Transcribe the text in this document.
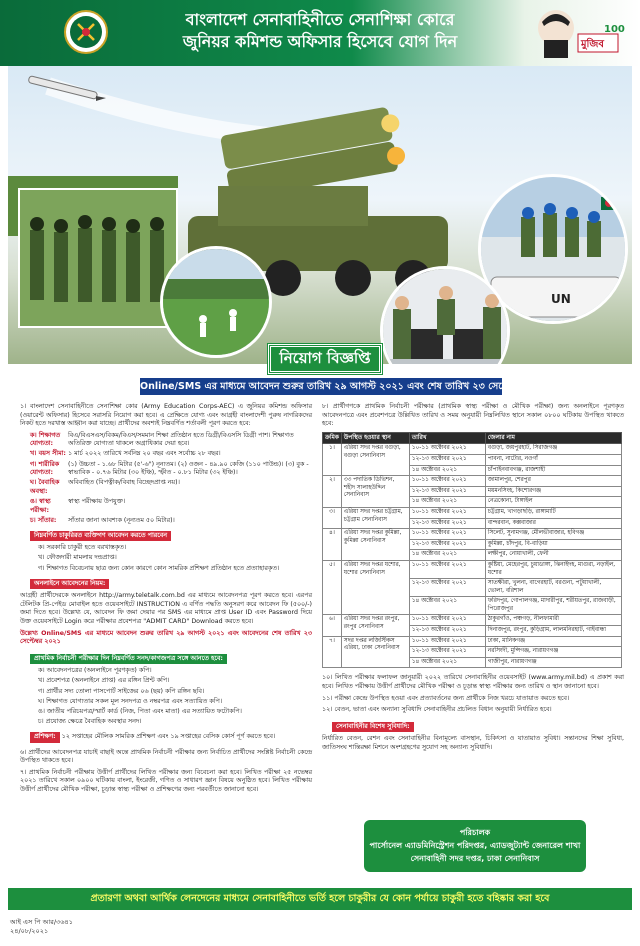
বাংলাদেশ সেনাবাহিনীতে সেনাশিক্ষা কোরে
জুনিয়র কমিশন্ড অফিসার হিসেবে যোগ দিন	মুজিব
100
UN
নিয়োগ বিজ্ঞপ্তি
Online/SMS এর মাধ্যমে আবেদন শুরুর তারিখ ২৯ আগস্ট ২০২১ এবং শেষ তারিখ ২৩ সেপ্টেম্বর ২০২১
১। বাংলাদেশ সেনাবাহিনীতে সেনাশিক্ষা কোর (Army Education Corps-AEC) এ জুনিয়র কমিশন্ড অফিসার (ওয়ারেন্ট অফিসার) হিসেবে সরাসরি নিয়োগ করা হবে। এ প্রেক্ষিতে যোগ্য এবং আগ্রহী বাংলাদেশী পুরুষ নাগরিকদের নিকট হতে দরখাস্ত আহ্বান করা যাচ্ছে। প্রার্থীদের অবশ্যই নিম্নবর্ণিত শর্তাবলী পূরণ করতে হবে:
ক। শিক্ষাগত যোগ্যতা:
বিএ/বিএসএস/বিকম/বিএস/সমমান শিক্ষা প্রতিষ্ঠান হতে ডিগ্রী/বিএসসি ডিগ্রী পাশ। শিক্ষাগত অতিরিক্ত যোগ্যতা থাকলে অগ্রাধিকার দেয়া হবে।
খ। বয়স সীমা: ১ মার্চ ২০২২ তারিখে সর্বনিম্ন ২০ বছর এবং সর্বোচ্চ ২৮ বছর।
গ। শারীরিক যোগ্যতা:
(১) উচ্চতা - ১.৬৮ মিটার (৫'-৬") নূন্যতম। (২) ওজন - ৪৯.৯০ কেজি (১১০ পাউন্ড)। (৩) বুক - স্বাভাবিক - ০.৭৬ মিটার (৩০ ইঞ্চি), স্ফীত - ০.৮১ মিটার (৩২ ইঞ্চি)।
ঘ। বৈবাহিক অবস্থা:
অবিবাহিত (বিপত্নীক/বিবাহ বিচ্ছেদপ্রাপ্ত নয়)।
ঙ। স্বাস্থ্য পরীক্ষা:
স্বাস্থ্য পরীক্ষায় উপযুক্ত।
চ। সাঁতার:	সাঁতার জানা আবশ্যক (নূন্যতম ৫০ মিটার)।
নিম্নবর্ণিত চাকুরিরত ব্যক্তিগণ আবেদন করতে পারবেন
ক। সরকারি চাকুরী হতে বরখাস্তকৃত।
খ। ফৌজদারী মামলায় দন্ডপ্রাপ্ত।
গ। শিক্ষাগত বিবেচনায় ছাত্র জন্য কোন কারণে কোন সামরিক প্রশিক্ষণ প্রতিষ্ঠান হতে প্রত্যাহারকৃত।
অনলাইনে আবেদনের নিয়ম:
আগ্রহী প্রার্থীদেরকে অনলাইনে http://army.teletalk.com.bd এর মাধ্যমে আবেদনপত্র পূরণ করতে হবে। এরপর টেলিটক প্রি-পেইড মোবাইল হতে ওয়েবসাইটে INSTRUCTION এ বর্ণিত পদ্ধতি অনুসরণ করে আবেদন ফি (৫০০/-) জমা দিতে হবে। উল্লেখ্য যে, আবেদন ফি জমা দেয়ার পর SMS এর মাধ্যমে প্রাপ্ত User ID এবং Password দিয়ে উক্ত ওয়েবসাইটে Login করে পরীক্ষার প্রবেশপত্র "ADMIT CARD" Download করতে হবে।
উল্লেখ্য Online/SMS এর মাধ্যমে আবেদন শুরুর তারিখ ২৯ আগস্ট ২০২১ এবং আবেদনের শেষ তারিখ ২৩ সেপ্টেম্বর ২০২১
প্রাথমিক নির্বাচনী পরীক্ষার দিন নিম্নবর্ণিত সনদ/কাগজপত্র সঙ্গে আনতে হবে:
ক। আবেদনপত্রের (অনলাইনে পূরণকৃত) কপি।
খ। প্রবেশপত্র (অনলাইনে প্রাপ্ত) এর রঙ্গিন প্রিন্ট কপি।
গ। প্রার্থীর সদ্য তোলা পাসপোর্ট সাইজের ০৬ (ছয়) কপি রঙ্গিন ছবি।
ঘ। শিক্ষাগত যোগ্যতার সকল মূল সনদপত্র ও নম্বরপত্র এবং সত্যায়িত কপি।
ঙ। জাতীয় পরিচয়পত্র/স্মার্ট কার্ড (নিজ, পিতা এবং মাতা) এর সত্যায়িত ফটোকপি।
চ। প্রযোজ্য ক্ষেত্রে বৈবাহিক অবস্থার সনদ।
প্রশিক্ষণ: ১২ সপ্তাহের মৌলিক সামরিক প্রশিক্ষণ এবং ১৯ সপ্তাহের বেসিক কোর্স পূর্ণ করতে হবে।
৬। প্রার্থীদের আবেদনপত্র যাচাই বাছাই অন্তে প্রাথমিক নির্বাচনী পরীক্ষার জন্য নির্বাচিত প্রার্থীদের সংশ্লিষ্ট নির্বাচনী কেন্দ্রে উপস্থিত থাকতে হবে।
৭। প্রাথমিক নির্বাচনী পরীক্ষায় উত্তীর্ণ প্রার্থীদের লিখিত পরীক্ষার জন্য বিবেচনা করা হবে। লিখিত পরীক্ষা ২৫ নভেম্বর ২০২১ তারিখে সকাল ০৯০০ ঘটিকায় বাংলা, ইংরেজী, গণিত ও সাধারণ জ্ঞান বিষয়ে অনুষ্ঠিত হবে। লিখিত পরীক্ষায় উত্তীর্ণ প্রার্থীদের মৌখিক পরীক্ষা, চূড়ান্ত স্বাস্থ্য পরীক্ষা ও প্রশিক্ষণের জন্য পরবর্তীতে জানানো হবে।
৮। প্রার্থীগণকে প্রাথমিক নির্বাচনী পরীক্ষার (প্রাথমিক স্বাস্থ্য পরীক্ষা ও মৌখিক পরীক্ষা) জন্য অনলাইনে পূরণকৃত আবেদনপত্রে এবং প্রবেশপত্রে উল্লিখিত তারিখ ও সময় অনুযায়ী নিম্নলিখিত স্থানে সকাল ০৮০০ ঘটিকায় উপস্থিত থাকতে হবে:
ক্রমিক	উপস্থিত হওয়ার স্থান	তারিখ	জেলার নাম
১।	এরিয়া সদর দপ্তর বগুড়া, বগুড়া সেনানিবাস	১০-১১ অক্টোবর ২০২১	বগুড়া, জয়পুরহাট, সিরাজগঞ্জ
		১২-১৩ অক্টোবর ২০২১	পাবনা, নাটোর, নওগাঁ
		১৪ অক্টোবর ২০২১	চাঁপাইনবাবগঞ্জ, রাজশাহী
২।	৩৩ পদাতিক ডিভিশন, শহীদ সালাহউদ্দিন সেনানিবাস	১০-১১ অক্টোবর ২০২১	জামালপুর, শেরপুর
		১২-১৩ অক্টোবর ২০২১	ময়মনসিংহ, কিশোরগঞ্জ
		১৪ অক্টোবর ২০২১	নেত্রকোনা, টাঙ্গাইল
৩।	এরিয়া সদর দপ্তর চট্টগ্রাম, চট্টগ্রাম সেনানিবাস	১০-১১ অক্টোবর ২০২১	চট্টগ্রাম, খাগড়াছড়ি, রাঙ্গামাটি
		১২-১৩ অক্টোবর ২০২১	বান্দরবান, কক্সবাজার
৪।	এরিয়া সদর দপ্তর কুমিল্লা, কুমিল্লা সেনানিবাস	১০-১১ অক্টোবর ২০২১	সিলেট, সুনামগঞ্জ, মৌলভীবাজার, হবিগঞ্জ
		১২-১৩ অক্টোবর ২০২১	কুমিল্লা, চাঁদপুর, বি-বাড়িয়া
		১৪ অক্টোবর ২০২১	লক্ষীপুর, নোয়াখালী, ফেনী
৫।	এরিয়া সদর দপ্তর যশোর, যশোর সেনানিবাস	১০-১১ অক্টোবর ২০২১	কুষ্টিয়া, মেহেরপুর, চুয়াডাঙ্গা, ঝিনাইদহ, মাগুরা, নড়াইল, যশোর
		১২-১৩ অক্টোবর ২০২১	সাতক্ষীরা, খুলনা, বাগেরহাট, বরগুনা, পটুয়াখালী, ভোলা, বরিশাল
		১৪ অক্টোবর ২০২১	ফরিদপুর, গোপালগঞ্জ, মাদারীপুর, শরীয়তপুর, রাজবাড়ী, পিরোজপুর
৬।	এরিয়া সদর দপ্তর রংপুর, রংপুর সেনানিবাস	১০-১১ অক্টোবর ২০২১	ঠাকুরগাঁও, পঞ্চগড়, নীলফামারী
		১২-১৩ অক্টোবর ২০২১	দিনাজপুর, রংপুর, কুড়িগ্রাম, লালমনিরহাট, গাইবান্ধা
৭।	সদর দপ্তর লজিস্টিকস এরিয়া, ঢাকা সেনানিবাস	১০-১১ অক্টোবর ২০২১	ঢাকা, মানিকগঞ্জ
		১২-১৩ অক্টোবর ২০২১	নরসিংদী, মুন্সিগঞ্জ, নারায়ণগঞ্জ
		১৪ অক্টোবর ২০২১	গাজীপুর, নারায়ণগঞ্জ
১০। লিখিত পরীক্ষার ফলাফল জানুয়ারী ২০২২ তারিখে সেনাবাহিনীর ওয়েবসাইট (www.army.mil.bd) এ প্রকাশ করা হবে। লিখিত পরীক্ষায় উত্তীর্ণ প্রার্থীদের মৌখিক পরীক্ষা ও চূড়ান্ত স্বাস্থ্য পরীক্ষার জন্য তারিখ ও স্থান জানানো হবে।
১১। পরীক্ষা কেন্দ্রে উপস্থিত হওয়া এবং প্রত্যাবর্তনের জন্য প্রার্থীকে নিজ খরচে যাতায়াত করতে হবে।
১২। বেতন, ভাতা এবং অন্যান্য সুবিধাদি সেনাবাহিনীর প্রচলিত বিধান অনুযায়ী নির্ধারিত হবে।
সেনাবাহিনীর বিশেষ সুবিধাদি:
নির্ধারিত বেতন, রেশন এবং সেনাবাহিনীর বিনামূল্যে বাসস্থান, চিকিৎসা ও যাতায়াত সুবিধা। সন্তানদের শিক্ষা সুবিধা, জাতিসংঘ শান্তিরক্ষা মিশনে অংশগ্রহণের সুযোগ সহ অন্যান্য সুবিধাদি।
পরিচালক
পার্সোনেল এ্যাডমিনিস্ট্রেশন পরিদপ্তর, এ্যাডজুট্যান্ট জেনারেল শাখা
সেনাবাহিনী সদর দপ্তর, ঢাকা সেনানিবাস
প্রতারণা অথবা আর্থিক লেনদেনের মাধ্যমে সেনাবাহিনীতে ভর্তি হলে চাকুরীর যে কোন পর্যায়ে চাকুরী হতে বহিষ্কার করা হবে
আই এস পি আর/৩৬৪১
২৪/০৮/২০২১
